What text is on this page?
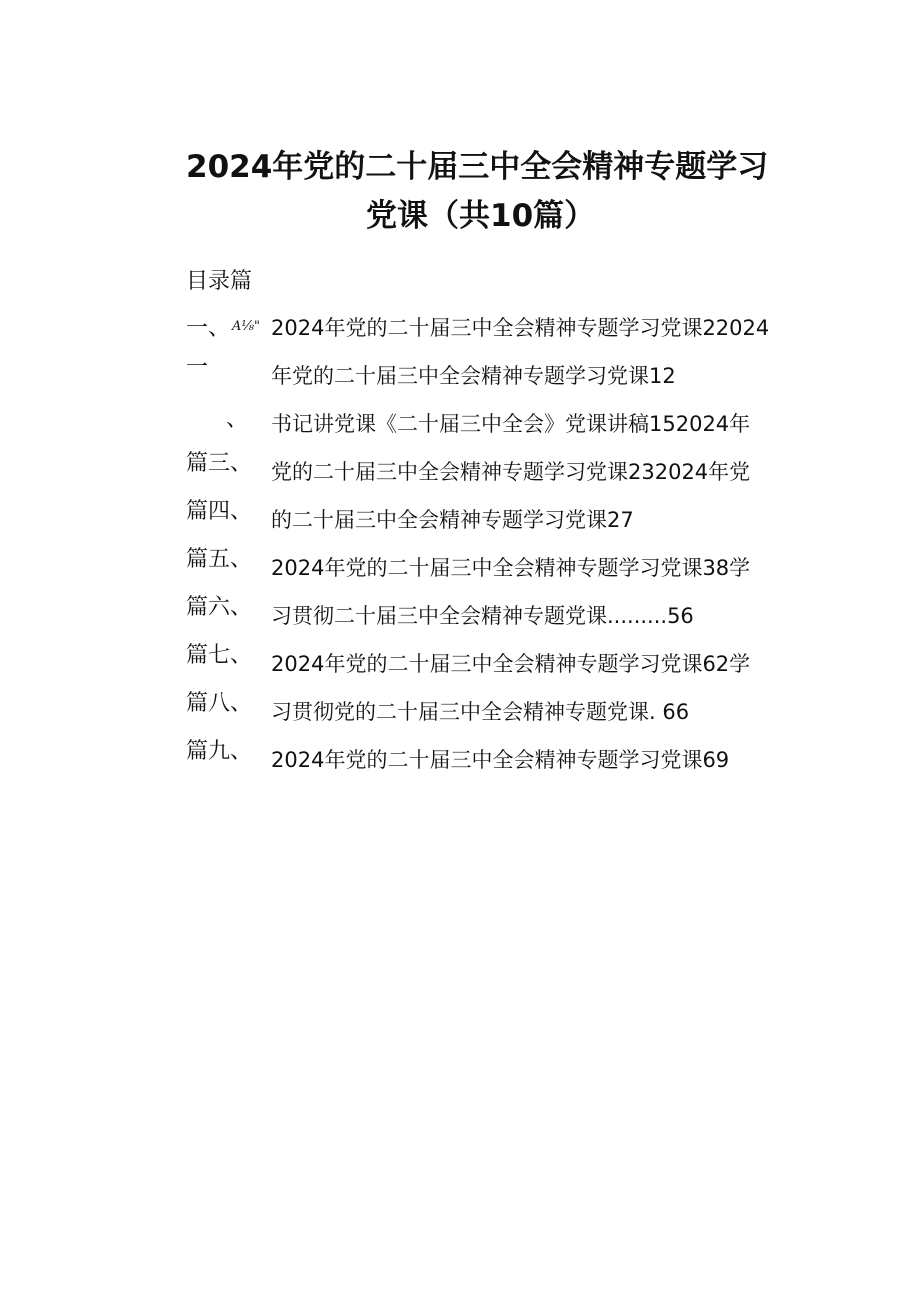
2024年党的二十届三中全会精神专题学习
党课（共10篇）
目录篇
一、 A⅛"
一
、
篇三、
篇四、
篇五、
篇六、
篇七、
篇八、
篇九、
2024年党的二十届三中全会精神专题学习党课22024
年党的二十届三中全会精神专题学习党课12
书记讲党课《二十届三中全会》党课讲稿152024年
党的二十届三中全会精神专题学习党课232024年党
的二十届三中全会精神专题学习党课27
2024年党的二十届三中全会精神专题学习党课38学
习贯彻二十届三中全会精神专题党课.........56
2024年党的二十届三中全会精神专题学习党课62学
习贯彻党的二十届三中全会精神专题党课. 66
2024年党的二十届三中全会精神专题学习党课69
